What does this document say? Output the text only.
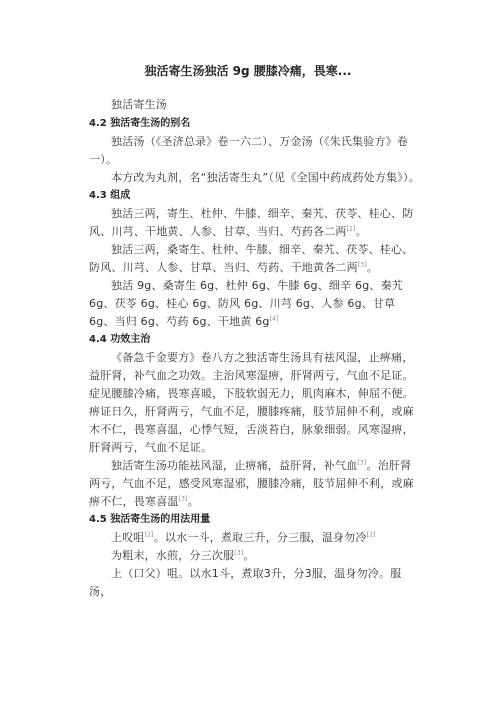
独活寄生汤独活 9g 腰膝冷痛，畏寒...

独活寄生汤

4.2 独活寄生汤的别名

独活汤（《圣济总录》卷一六二）、万金汤（《朱氏集验方》卷一）。

本方改为丸剂，名“独活寄生丸”（见《全国中药成药处方集》）。

4.3 组成

独活三两，寄生、杜仲、牛膝、细辛、秦艽、茯苓、桂心、防风、川芎、干地黄、人参、甘草、当归、芍药各二两[2]。

独活三两，桑寄生、杜仲、牛膝、细辛、秦艽、茯苓、桂心、防风、川芎、人参、甘草、当归、芍药、干地黄各二两[3]。

独活 9g、桑寄生 6g、杜仲 6g、牛膝 6g、细辛 6g、秦艽 6g、茯苓 6g、桂心 6g、防风 6g、川芎 6g、人参 6g、甘草 6g、当归 6g、芍药 6g、干地黄 6g[4]

4.4 功效主治

《备急千金要方》卷八方之独活寄生汤具有祛风湿，止痹痛，益肝肾，补气血之功效。主治风寒湿痹，肝肾两亏，气血不足证。症见腰膝冷痛，畏寒喜暖，下肢软弱无力，肌肉麻木，伸屈不便。痹证日久，肝肾两亏，气血不足，腰膝疼痛，肢节屈伸不利，或麻木不仁，畏寒喜温，心悸气短，舌淡苔白，脉象细弱。风寒湿痹，肝肾两亏，气血不足证。

独活寄生汤功能祛风湿，止痹痛，益肝肾，补气血[3]。治肝肾两亏，气血不足，感受风寒湿邪，腰膝冷痛，肢节屈伸不利，或麻痹不仁，畏寒喜温[3]。

4.5 独活寄生汤的用法用量

上㕮咀[2]。以水一斗，煮取三升，分三服，温身勿冷[2]

为粗末，水煎，分三次服[3]。

上（口父）咀。以水1斗，煮取3升，分3服，温身勿冷。服汤，
